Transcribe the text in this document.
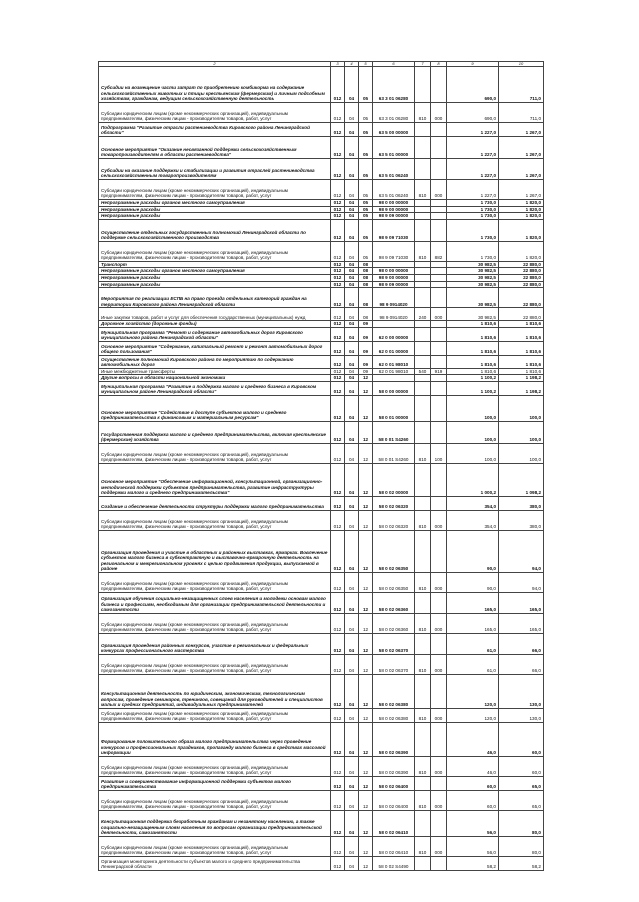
2	3	4	5	6	7	8	9	10
Субсидии на возмещение части затрат по приобретению комбикорма на содержание сельскохозяйственных животных и птицы крестьянским (фермерским) и личным подсобным хозяйствам, гражданам, ведущим сельскохозяйственную деятельность	012	04	05	63 3 01 06280			690,0	711,0
Субсидии юридическим лицам (кроме некоммерческих организаций), индивидуальным предпринимателям, физическим лицам - производителям товаров, работ, услуг	012	04	05	63 3 01 06280	810	000	690,0	711,0
Подпрограмма "Развитие отрасли растениеводства Кировского района Ленинградской области"	012	04	05	63 5 00 00000			1 227,0	1 267,0
Основное мероприятие "Оказание несвязанной поддержки сельскохозяйственным товаропроизводителям в области растениеводства"	012	04	05	63 5 01 00000			1 227,0	1 267,0
Субсидии на оказание поддержки и стабилизации и развития отраслей растениеводства сельскохозяйственным товаропроизводителям	012	04	05	63 5 01 06240			1 227,0	1 267,0
Субсидии юридическим лицам (кроме некоммерческих организаций), индивидуальным предпринимателям, физическим лицам - производителям товаров, работ, услуг	012	04	05	63 5 01 06240	810	000	1 227,0	1 267,0
Непрограммные расходы органов местного самоуправления	012	04	05	98 0 00 00000			1 730,0	1 820,0
Непрограммные расходы	012	04	05	98 9 00 00000			1 730,0	1 820,0
Непрограммные расходы	012	04	05	98 9 09 00000			1 730,0	1 820,0
Осуществление отдельных государственных полномочий Ленинградской области по поддержке сельскохозяйственного производства	012	04	05	98 9 09 71030			1 730,0	1 820,0
Субсидии юридическим лицам (кроме некоммерческих организаций), индивидуальным предпринимателям, физическим лицам - производителям товаров, работ, услуг	012	04	05	98 9 09 71030	810	882	1 730,0	1 820,0
Транспорт	012	04	08				30 982,5	22 880,0
Непрограммные расходы органов местного самоуправления	012	04	08	98 0 00 00000			30 982,5	22 880,0
Непрограммные расходы	012	04	08	98 9 00 00000			30 982,5	22 880,0
Непрограммные расходы	012	04	08	98 9 09 00000			30 982,5	22 880,0
Мероприятия по реализации ЕСПБ на право проезда отдельных категорий граждан на территории Кировского района Ленинградской области	012	04	08	98 9 0914020			30 982,5	22 880,0
Иные закупки товаров, работ и услуг для обеспечения государственных (муниципальных) нужд	012	04	08	98 9 0914020	240	000	30 982,5	22 880,0
Дорожное хозяйство (дорожные фонды)	012	04	09				1 810,6	1 810,6
Муниципальная программа "Ремонт и содержание автомобильных дорог Кировского муниципального района Ленинградской области"	012	04	09	62 0 00 00000			1 810,6	1 810,6
Основное мероприятие "Содержание, капитальный ремонт и ремонт автомобильных дорог общего пользования"	012	04	09	62 0 01 00000			1 810,6	1 810,6
Осуществление полномочий Кировского района по мероприятию по содержанию автомобильных дорог	012	04	09	62 0 01 98010			1 810,6	1 810,6
Иные межбюджетные трансферты	012	04	09	62 0 01 98010	540	919	1 810,6	1 810,6
Другие вопросы в области национальной экономики	012	04	12				1 100,2	1 198,2
Муниципальная программа "Развитие и поддержка малого и среднего бизнеса в Кировском муниципальном районе Ленинградской области"	012	04	12	58 0 00 00000			1 100,2	1 198,2
Основное мероприятие "Содействие в доступе субъектов малого и среднего предпринимательства к финансовым и материальным ресурсам"	012	04	12	58 0 01 00000			100,0	100,0
Государственная поддержка малого и среднего предпринимательства, включая крестьянские (фермерские) хозяйства	012	04	12	58 0 01 S4260			100,0	100,0
Субсидии юридическим лицам (кроме некоммерческих организаций), индивидуальным предпринимателям, физическим лицам - производителям товаров, работ, услуг	012	04	12	58 0 01 S4260	810	100	100,0	100,0
Основное мероприятие "Обеспечение информационной, консультационной, организационно-методической поддержки субъектов предпринимательства, развитие инфраструктуры поддержки малого и среднего предпринимательства"	012	04	12	58 0 02 00000			1 000,2	1 098,2
Создание и обеспечение деятельности структуры поддержки малого предпринимательства	012	04	12	58 0 02 06320			354,0	380,0
Субсидии юридическим лицам (кроме некоммерческих организаций), индивидуальным предпринимателям, физическим лицам - производителям товаров, работ, услуг	012	04	12	58 0 02 06320	810	000	354,0	380,0
Организация проведения и участие в областных и районных выставках, ярмарках. Вовлечение субъектов малого бизнеса в субконтрактную и выставочно-ярмарочную деятельность на региональном и межрегиональном уровнях с целью продвижения продукции, выпускаемой в районе	012	04	12	58 0 02 06350			90,0	94,0
Субсидии юридическим лицам (кроме некоммерческих организаций), индивидуальным предпринимателям, физическим лицам - производителям товаров, работ, услуг	012	04	12	58 0 02 06350	810	000	90,0	94,0
Организация обучения социально-незащищенных слоев населения и молодежи основам малого бизнеса и профессиям, необходимым для организации предпринимательской деятельности и самозанятости	012	04	12	58 0 02 06360			165,0	165,0
Субсидии юридическим лицам (кроме некоммерческих организаций), индивидуальным предпринимателям, физическим лицам - производителям товаров, работ, услуг	012	04	12	58 0 02 06360	810	000	165,0	165,0
Организация проведения районных конкурсов, участие в региональных и федеральных конкурсах профессионального мастерства	012	04	12	58 0 02 06370			61,0	66,0
Субсидии юридическим лицам (кроме некоммерческих организаций), индивидуальным предпринимателям, физическим лицам - производителям товаров, работ, услуг	012	04	12	58 0 02 06370	810	000	61,0	66,0
Консультационная деятельность по юридическим, экономическим, технологическим вопросам, проведение семинаров, тренингов, совещаний для руководителей и специалистов малых и средних предприятий, индивидуальных предпринимателей	012	04	12	58 0 02 06380			120,0	130,0
Субсидии юридическим лицам (кроме некоммерческих организаций), индивидуальным предпринимателям, физическим лицам - производителям товаров, работ, услуг	012	04	12	58 0 02 06380	810	000	120,0	130,0
Формирование положительного образа малого предпринимательства через проведение конкурсов и профессиональных праздников, пропаганду малого бизнеса в средствах массовой информации	012	04	12	58 0 02 06390			46,0	60,0
Субсидии юридическим лицам (кроме некоммерческих организаций), индивидуальным предпринимателям, физическим лицам - производителям товаров, работ, услуг	012	04	12	58 0 02 06390	810	000	46,0	60,0
Развитие и совершенствование информационной поддержки субъектов малого предпринимательства	012	04	12	58 0 02 06400			60,0	65,0
Субсидии юридическим лицам (кроме некоммерческих организаций), индивидуальным предпринимателям, физическим лицам - производителям товаров, работ, услуг	012	04	12	58 0 02 06400	810	000	60,0	65,0
Консультационная поддержка безработным гражданам и незанятому населению, а также социально-незащищенным слоям населения по вопросам организации предпринимательской деятельности, самозанятости	012	04	12	58 0 02 06410			56,0	80,0
Субсидии юридическим лицам (кроме некоммерческих организаций), индивидуальным предпринимателям, физическим лицам - производителям товаров, работ, услуг	012	04	12	58 0 02 06410	810	000	56,0	80,0
Организация мониторинга деятельности субъектов малого и среднего предпринимательства Ленинградской области	012	04	12	58 0 02 S4490			58,2	58,2
